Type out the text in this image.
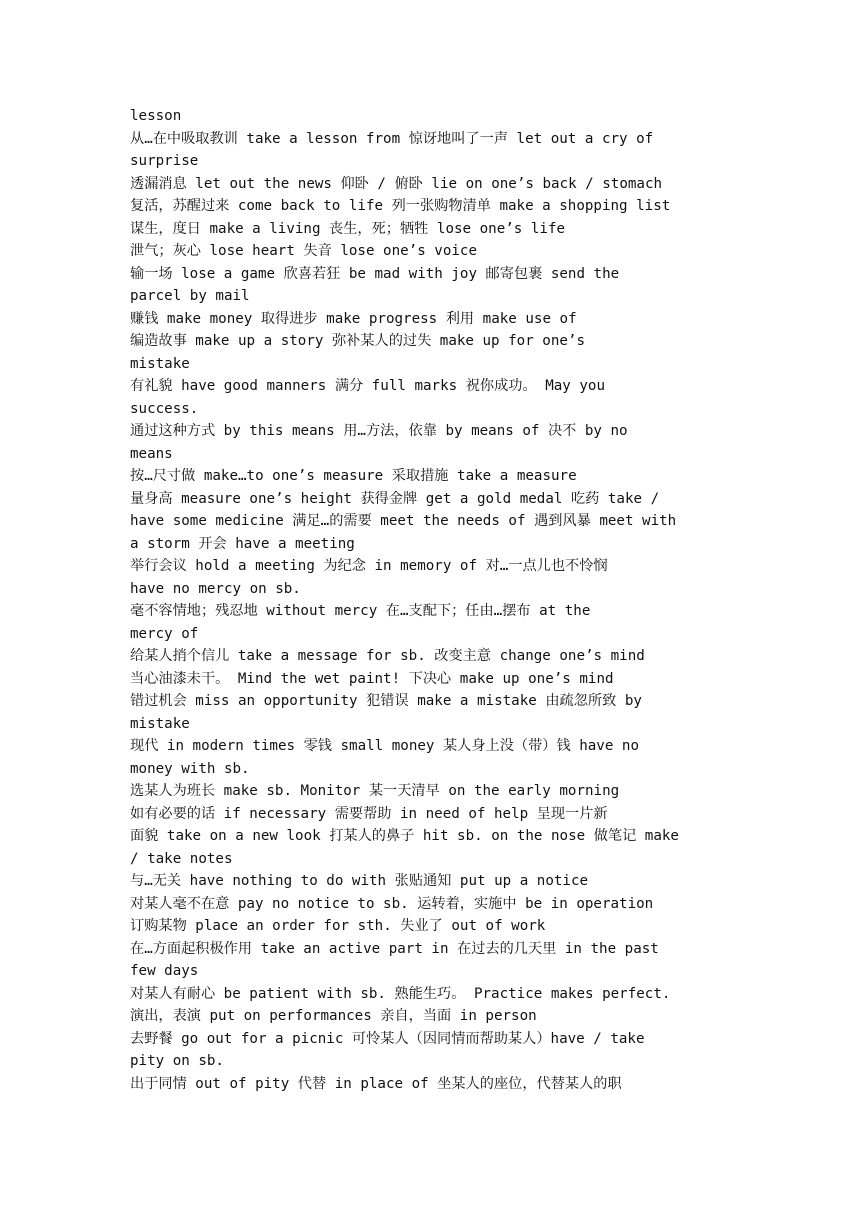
lesson
从…在中吸取教训 take a lesson from 惊讶地叫了一声 let out a cry of
surprise
透漏消息 let out the news 仰卧 / 俯卧 lie on one’s back / stomach
复活，苏醒过来 come back to life 列一张购物清单 make a shopping list
谋生，度日 make a living 丧生，死；牺牲 lose one’s life
泄气；灰心 lose heart 失音 lose one’s voice
输一场 lose a game 欣喜若狂 be mad with joy 邮寄包裹 send the
parcel by mail
赚钱 make money 取得进步 make progress 利用 make use of
编造故事 make up a story 弥补某人的过失 make up for one’s
mistake
有礼貌 have good manners 满分 full marks 祝你成功。 May you
success.
通过这种方式 by this means 用…方法，依靠 by means of 决不 by no
means
按…尺寸做 make…to one’s measure 采取措施 take a measure
量身高 measure one’s height 获得金牌 get a gold medal 吃药 take /
have some medicine 满足…的需要 meet the needs of 遇到风暴 meet with
a storm 开会 have a meeting
举行会议 hold a meeting 为纪念 in memory of 对…一点儿也不怜悯
have no mercy on sb.
毫不容情地；残忍地 without mercy 在…支配下；任由…摆布 at the
mercy of
给某人捎个信儿 take a message for sb. 改变主意 change one’s mind
当心油漆未干。 Mind the wet paint! 下决心 make up one’s mind
错过机会 miss an opportunity 犯错误 make a mistake 由疏忽所致 by
mistake
现代 in modern times 零钱 small money 某人身上没（带）钱 have no
money with sb.
选某人为班长 make sb. Monitor 某一天清早 on the early morning
如有必要的话 if necessary 需要帮助 in need of help 呈现一片新
面貌 take on a new look 打某人的鼻子 hit sb. on the nose 做笔记 make
/ take notes
与…无关 have nothing to do with 张贴通知 put up a notice
对某人毫不在意 pay no notice to sb. 运转着，实施中 be in operation
订购某物 place an order for sth. 失业了 out of work
在…方面起积极作用 take an active part in 在过去的几天里 in the past
few days
对某人有耐心 be patient with sb. 熟能生巧。 Practice makes perfect.
演出，表演 put on performances 亲自，当面 in person
去野餐 go out for a picnic 可怜某人（因同情而帮助某人）have / take
pity on sb.
出于同情 out of pity 代替 in place of 坐某人的座位，代替某人的职
